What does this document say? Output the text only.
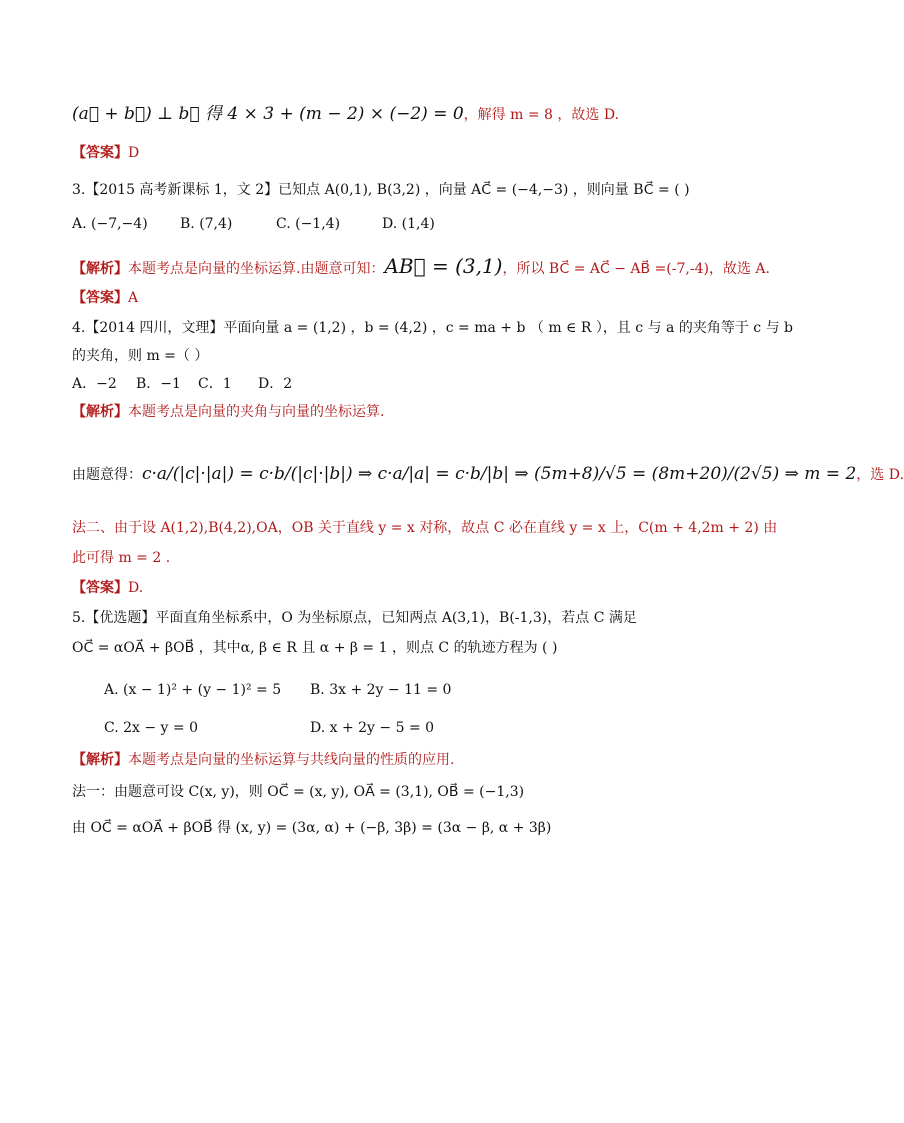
(a⃗ + b⃗) ⊥ b⃗ 得 4 × 3 + (m − 2) × (−2) = 0，解得 m = 8 ，故选 D.
【答案】D
3.【2015 高考新课标 1，文 2】已知点 A(0,1), B(3,2) ，向量 AC⃗ = (−4,−3) ，则向量 BC⃗ = ( )
A. (−7,−4) B. (7,4)	C. (−1,4)	D. (1,4)
【解析】本题考点是向量的坐标运算.由题意可知：AB⃗ = (3,1)，所以 BC⃗ = AC⃗ − AB⃗ =(-7,-4)，故选 A.
【答案】A
4.【2014 四川，文理】平面向量 a = (1,2) ，b = (4,2) ，c = ma + b （ m ∈ R ），且 c 与 a 的夹角等于 c 与 b
的夹角，则 m =（ ）
A．−2 B．−1 C．1 D．2
【解析】本题考点是向量的夹角与向量的坐标运算.
由题意得：c·a/(|c|·|a|) = c·b/(|c|·|b|) ⇒ c·a/|a| = c·b/|b| ⇒ (5m+8)/√5 = (8m+20)/(2√5) ⇒ m = 2，选 D.
法二、由于设 A(1,2),B(4,2),OA，OB 关于直线 y = x 对称，故点 C 必在直线 y = x 上，C(m + 4,2m + 2) 由
此可得 m = 2 .
【答案】D.
5.【优选题】平面直角坐标系中，O 为坐标原点，已知两点 A(3,1)，B(-1,3)，若点 C 满足
OC⃗ = αOA⃗ + βOB⃗ ，其中α, β ∈ R 且 α + β = 1 ，则点 C 的轨迹方程为 ( )
A. (x − 1)² + (y − 1)² = 5 B. 3x + 2y − 11 = 0
C. 2x − y = 0	D. x + 2y − 5 = 0
【解析】本题考点是向量的坐标运算与共线向量的性质的应用.
法一：由题意可设 C(x, y)，则 OC⃗ = (x, y), OA⃗ = (3,1), OB⃗ = (−1,3)
由 OC⃗ = αOA⃗ + βOB⃗ 得 (x, y) = (3α, α) + (−β, 3β) = (3α − β, α + 3β)
